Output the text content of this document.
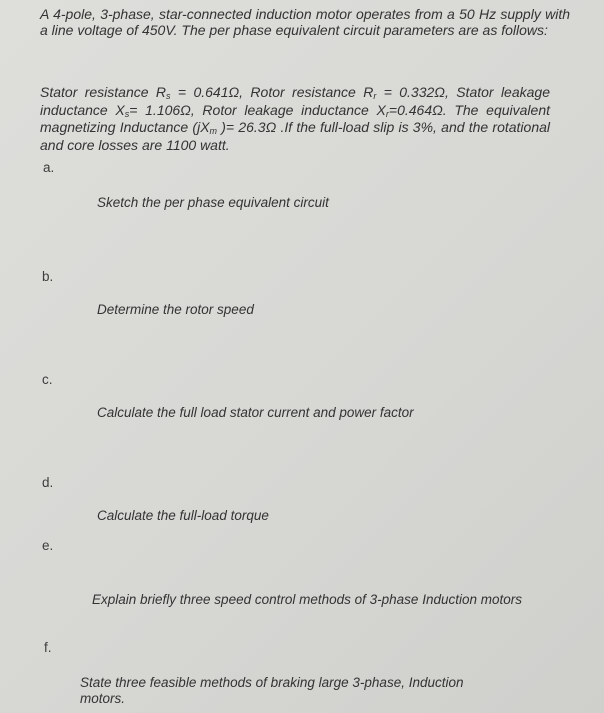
A 4-pole, 3-phase, star-connected induction motor operates from a 50 Hz supply with a line voltage of 450V. The per phase equivalent circuit parameters are as follows:
Stator resistance $R_s = 0.641\Omega$, Rotor resistance $R_r = 0.332\Omega$, Stator leakage inductance $X_s= 1.106\Omega$, Rotor leakage inductance $X_r=0.464\Omega$. The equivalent magnetizing Inductance ($jX_m$ )= 26.3Ω .If the full-load slip is 3%, and the rotational and core losses are 1100 watt.
a.
Sketch the per phase equivalent circuit
b.
Determine the rotor speed
c.
Calculate the full load stator current and power factor
d.
Calculate the full-load torque
e.
Explain briefly three speed control methods of 3-phase Induction motors
f.
State three feasible methods of braking large 3-phase, Induction motors.
